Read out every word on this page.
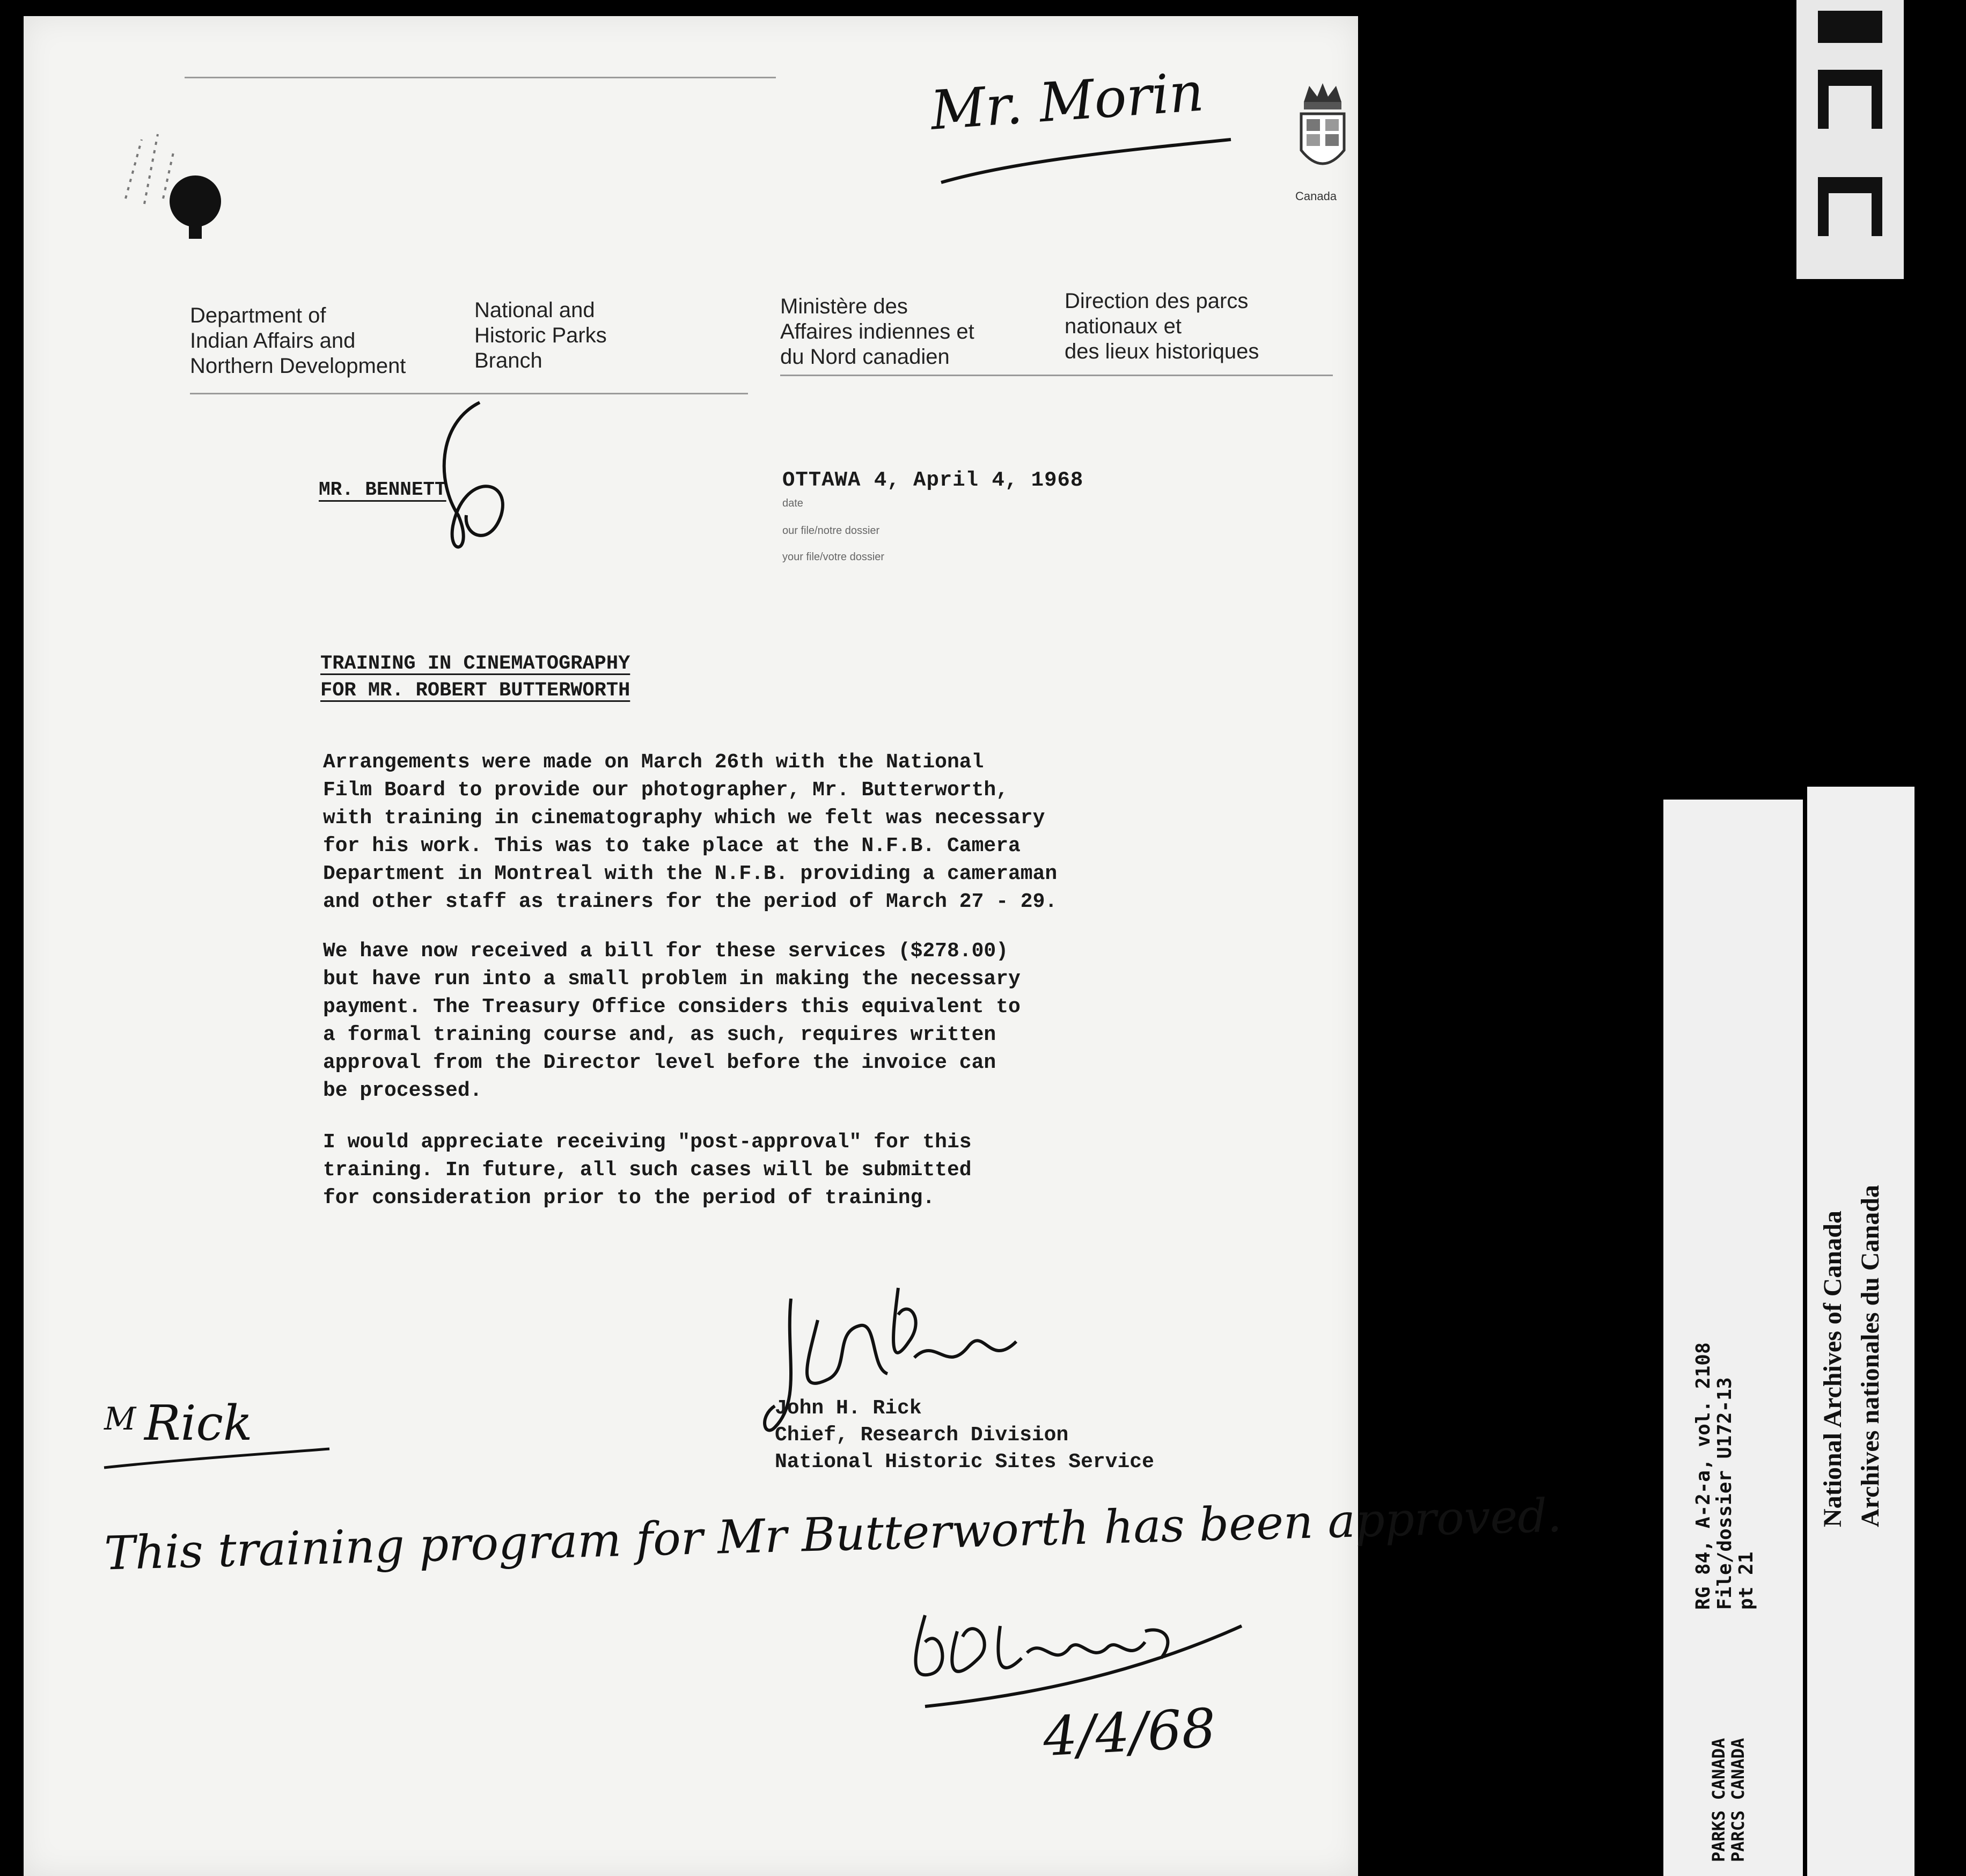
Mr. Morin
Canada
Department of
Indian Affairs and
Northern Development
National and
Historic Parks
Branch
Ministère des
Affaires indiennes et
du Nord canadien
Direction des parcs
nationaux et
des lieux historiques
MR. BENNETT	OTTAWA 4, April 4, 1968
date
our file/notre dossier
your file/votre dossier
TRAINING IN CINEMATOGRAPHY
FOR MR. ROBERT BUTTERWORTH
Arrangements were made on March 26th with the National
Film Board to provide our photographer, Mr. Butterworth,
with training in cinematography which we felt was necessary
for his work. This was to take place at the N.F.B. Camera
Department in Montreal with the N.F.B. providing a cameraman
and other staff as trainers for the period of March 27 - 29.
We have now received a bill for these services ($278.00)
but have run into a small problem in making the necessary
payment. The Treasury Office considers this equivalent to
a formal training course and, as such, requires written
approval from the Director level before the invoice can
be processed.
I would appreciate receiving "post-approval" for this
training. In future, all such cases will be submitted
for consideration prior to the period of training.
John H. Rick
Chief, Research Division
National Historic Sites Service
M Rick
This training program for Mr Butterworth has been approved.
4/4/68
RG 84, A-2-a, vol. 2108
File/dossier U172-13
pt 21
PARKS CANADA
PARCS CANADA
National Archives of Canada Archives nationales du Canada
